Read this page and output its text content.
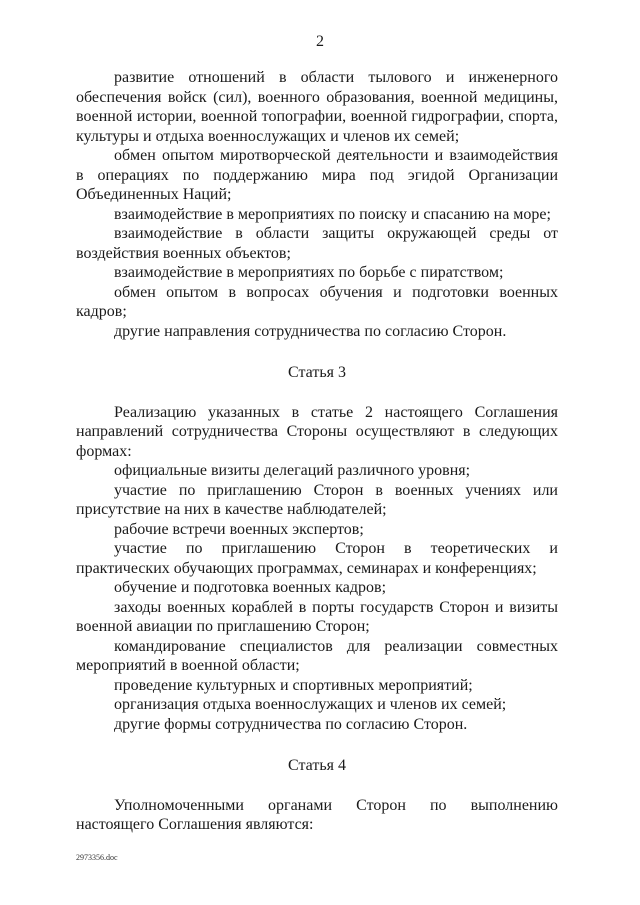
2

развитие отношений в области тылового и инженерного обеспечения войск (сил), военного образования, военной медицины, военной истории, военной топографии, военной гидрографии, спорта, культуры и отдыха военнослужащих и членов их семей;

обмен опытом миротворческой деятельности и взаимодействия в операциях по поддержанию мира под эгидой Организации Объединенных Наций;

взаимодействие в мероприятиях по поиску и спасанию на море;

взаимодействие в области защиты окружающей среды от воздействия военных объектов;

взаимодействие в мероприятиях по борьбе с пиратством;

обмен опытом в вопросах обучения и подготовки военных кадров;

другие направления сотрудничества по согласию Сторон.

Статья 3

Реализацию указанных в статье 2 настоящего Соглашения направлений сотрудничества Стороны осуществляют в следующих формах:

официальные визиты делегаций различного уровня;

участие по приглашению Сторон в военных учениях или присутствие на них в качестве наблюдателей;

рабочие встречи военных экспертов;

участие по приглашению Сторон в теоретических и практических обучающих программах, семинарах и конференциях;

обучение и подготовка военных кадров;

заходы военных кораблей в порты государств Сторон и визиты военной авиации по приглашению Сторон;

командирование специалистов для реализации совместных мероприятий в военной области;

проведение культурных и спортивных мероприятий;

организация отдыха военнослужащих и членов их семей;

другие формы сотрудничества по согласию Сторон.

Статья 4

Уполномоченными органами Сторон по выполнению настоящего Соглашения являются:

2973356.doc
